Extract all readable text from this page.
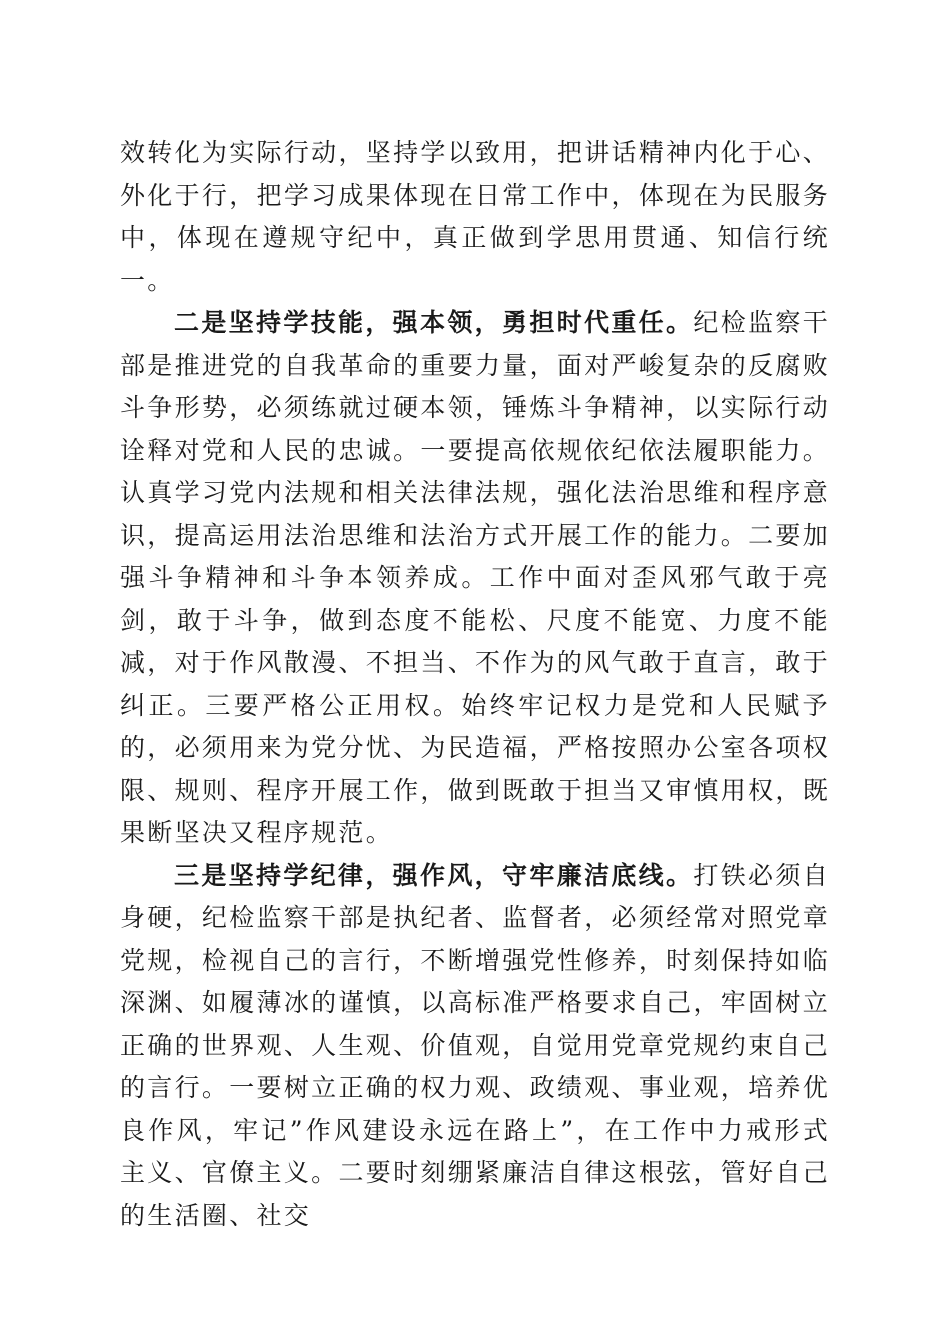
效转化为实际行动，坚持学以致用，把讲话精神内化于心、外化于行，把学习成果体现在日常工作中，体现在为民服务中，体现在遵规守纪中，真正做到学思用贯通、知信行统一。

二是坚持学技能，强本领，勇担时代重任。纪检监察干部是推进党的自我革命的重要力量，面对严峻复杂的反腐败斗争形势，必须练就过硬本领，锤炼斗争精神，以实际行动诠释对党和人民的忠诚。一要提高依规依纪依法履职能力。认真学习党内法规和相关法律法规，强化法治思维和程序意识，提高运用法治思维和法治方式开展工作的能力。二要加强斗争精神和斗争本领养成。工作中面对歪风邪气敢于亮剑，敢于斗争，做到态度不能松、尺度不能宽、力度不能减，对于作风散漫、不担当、不作为的风气敢于直言，敢于纠正。三要严格公正用权。始终牢记权力是党和人民赋予的，必须用来为党分忧、为民造福，严格按照办公室各项权限、规则、程序开展工作，做到既敢于担当又审慎用权，既果断坚决又程序规范。

三是坚持学纪律，强作风，守牢廉洁底线。打铁必须自身硬，纪检监察干部是执纪者、监督者，必须经常对照党章党规，检视自己的言行，不断增强党性修养，时刻保持如临深渊、如履薄冰的谨慎，以高标准严格要求自己，牢固树立正确的世界观、人生观、价值观，自觉用党章党规约束自己的言行。一要树立正确的权力观、政绩观、事业观，培养优良作风，牢记”作风建设永远在路上”，在工作中力戒形式主义、官僚主义。二要时刻绷紧廉洁自律这根弦，管好自己的生活圈、社交
